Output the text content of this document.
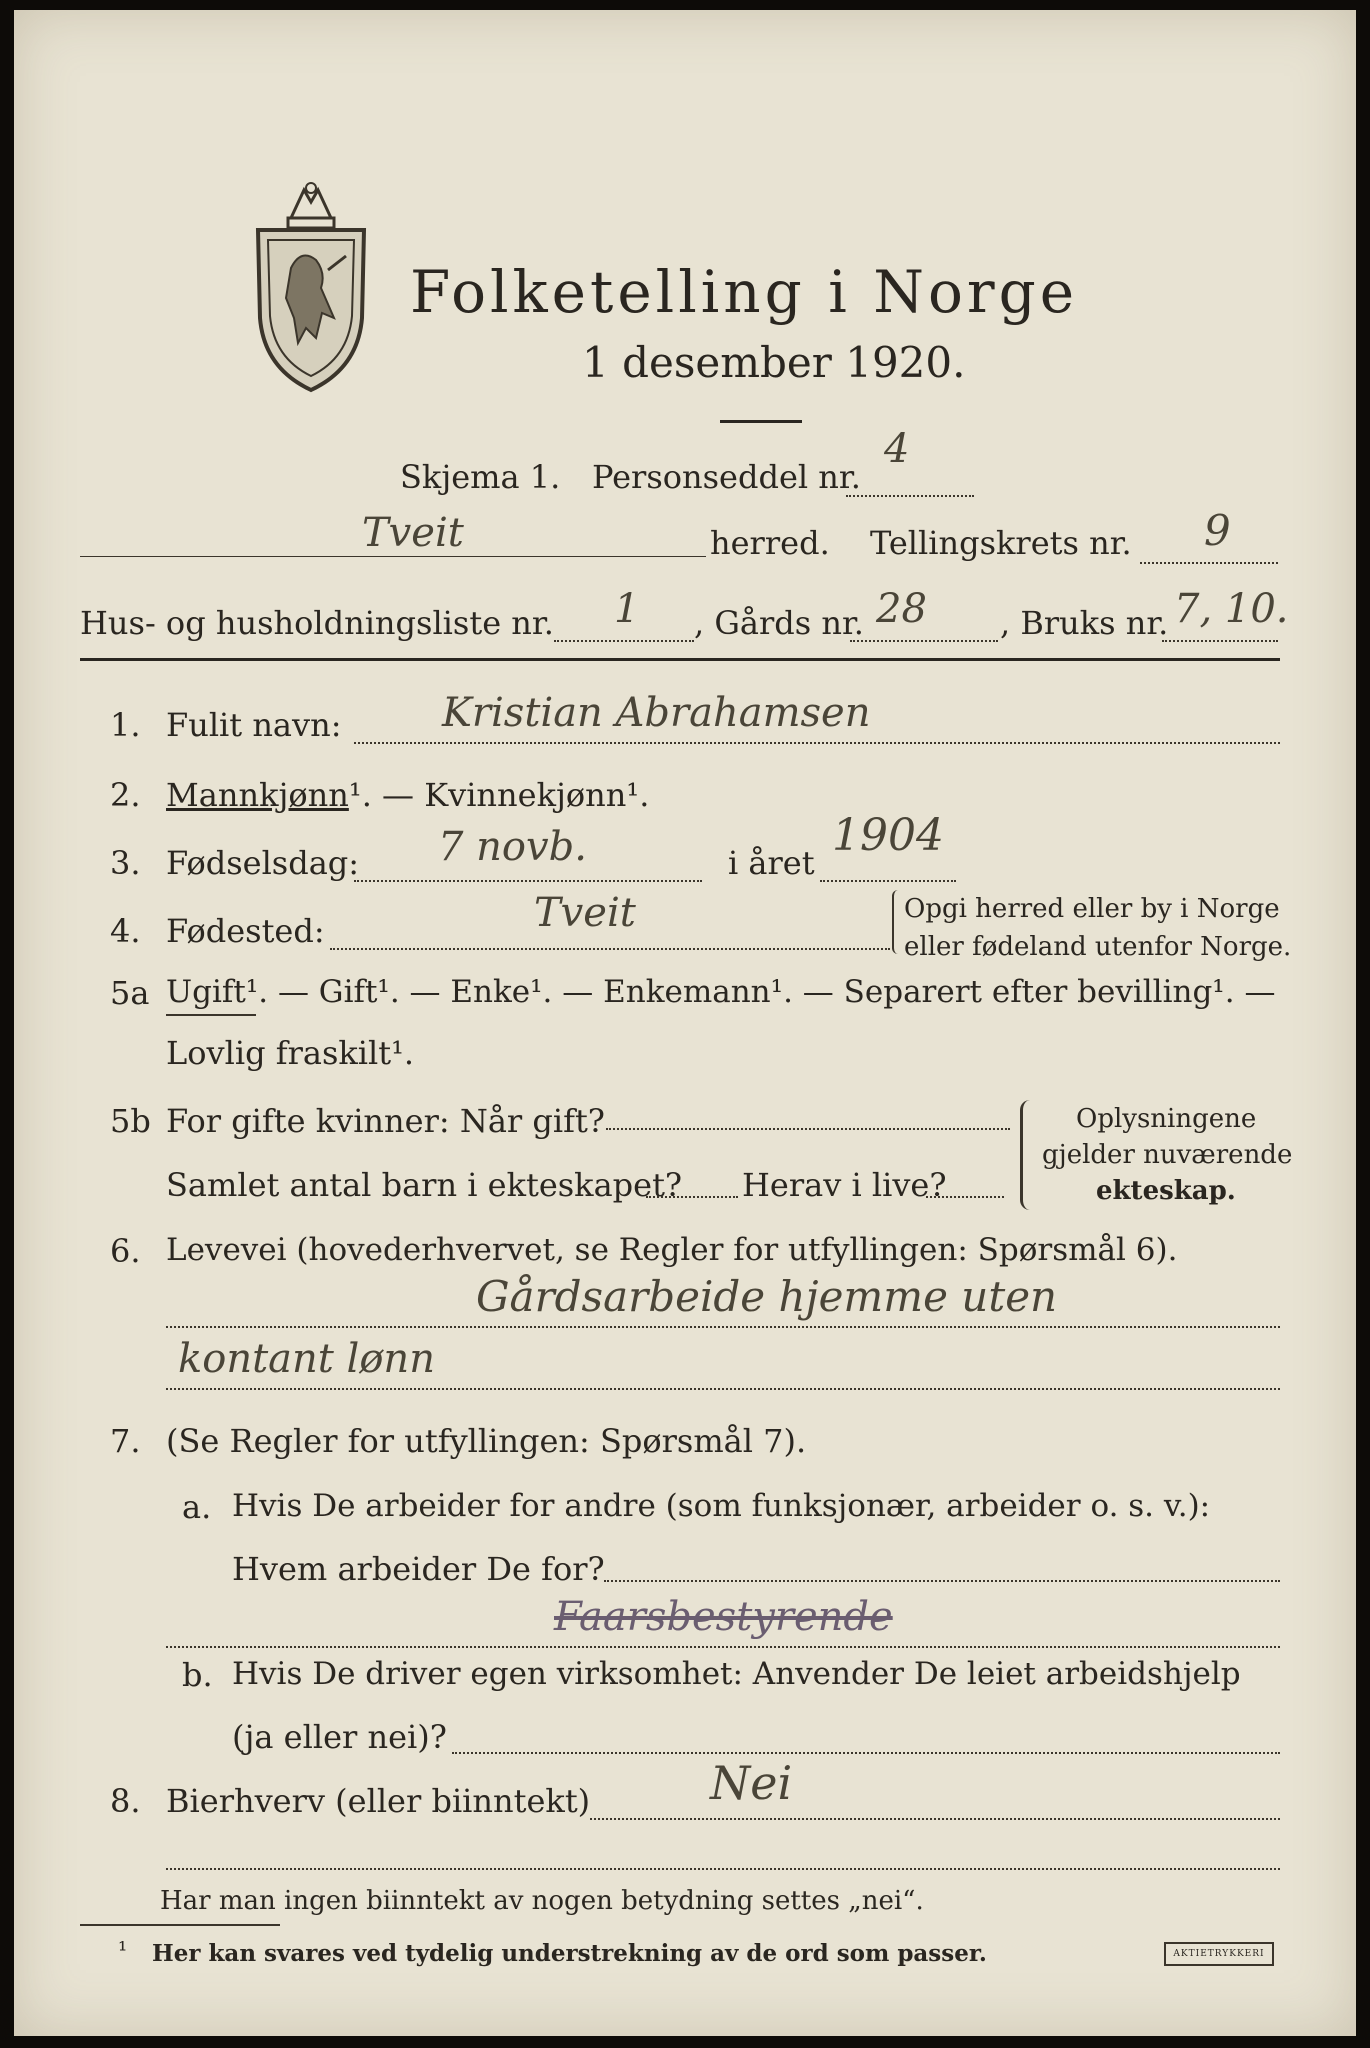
Folketelling i Norge
1 desember 1920.
Skjema 1. Personseddel nr.
4
Tveit	herred. Tellingskrets nr. 9
Hus- og husholdningsliste nr. 1 , Gårds nr. 28 , Bruks nr. 7, 10.
1. Fulit navn:	Kristian Abrahamsen
2. Mannkjønn¹. — Kvinnekjønn¹.
3. Fødselsdag: 7 novb.	i året
1904
4. Fødested:	Tveit	Opgi herred eller by i Norge
eller fødeland utenfor Norge.
5a Ugift¹. — Gift¹. — Enke¹. — Enkemann¹. — Separert efter bevilling¹. —
Lovlig fraskilt¹.
5b For gifte kvinner: Når gift?
Samlet antal barn i ekteskapet? Herav i live?
Oplysningene
gjelder nuværende
ekteskap.
6. Levevei (hovederhvervet, se Regler for utfyllingen: Spørsmål 6).
Gårdsarbeide hjemme uten
kontant lønn
7. (Se Regler for utfyllingen: Spørsmål 7).
a. Hvis De arbeider for andre (som funksjonær, arbeider o. s. v.):
Hvem arbeider De for?
Faarsbestyrende
b. Hvis De driver egen virksomhet: Anvender De leiet arbeidshjelp
(ja eller nei)?
8. Bierhverv (eller biinntekt)	Nei
Har man ingen biinntekt av nogen betydning settes „nei“.
¹ Her kan svares ved tydelig understrekning av de ord som passer.	AKTIETRYKKERI
